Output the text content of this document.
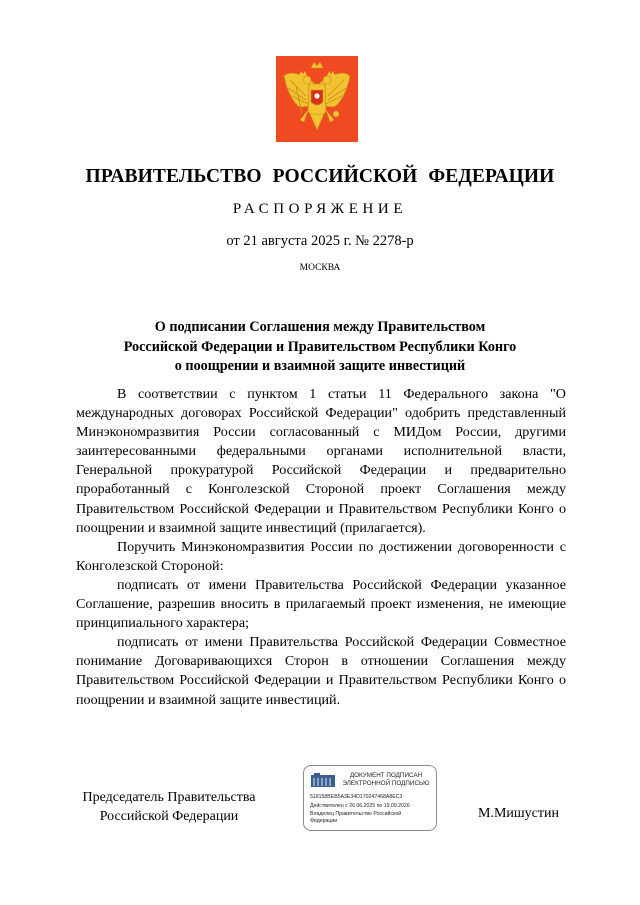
ПРАВИТЕЛЬСТВО РОССИЙСКОЙ ФЕДЕРАЦИИ
РАСПОРЯЖЕНИЕ
от 21 августа 2025 г. № 2278-р
МОСКВА
О подписании Соглашения между Правительством
Российской Федерации и Правительством Республики Конго
о поощрении и взаимной защите инвестиций

В соответствии с пунктом 1 статьи 11 Федерального закона "О международных договорах Российской Федерации" одобрить представленный Минэкономразвития России согласованный с МИДом России, другими заинтересованными федеральными органами исполнительной власти, Генеральной прокуратурой Российской Федерации и предварительно проработанный с Конголезской Стороной проект Соглашения между Правительством Российской Федерации и Правительством Республики Конго о поощрении и взаимной защите инвестиций (прилагается).

Поручить Минэкономразвития России по достижении договоренности с Конголезской Стороной:

подписать от имени Правительства Российской Федерации указанное Соглашение, разрешив вносить в прилагаемый проект изменения, не имеющие принципиального характера;

подписать от имени Правительства Российской Федерации Совместное понимание Договаривающихся Сторон в отношении Соглашения между Правительством Российской Федерации и Правительством Республики Конго о поощрении и взаимной защите инвестиций.

Председатель Правительства
Российской Федерации
ДОКУМЕНТ ПОДПИСАН
ЭЛЕКТРОННОЙ ПОДПИСЬЮ
518158BEB5A3E34D170247468A8EC3
Действителен с 26.06.2025 по 19.09.2026
Владелец Правительство Российской
Федерации	М.Мишустин
